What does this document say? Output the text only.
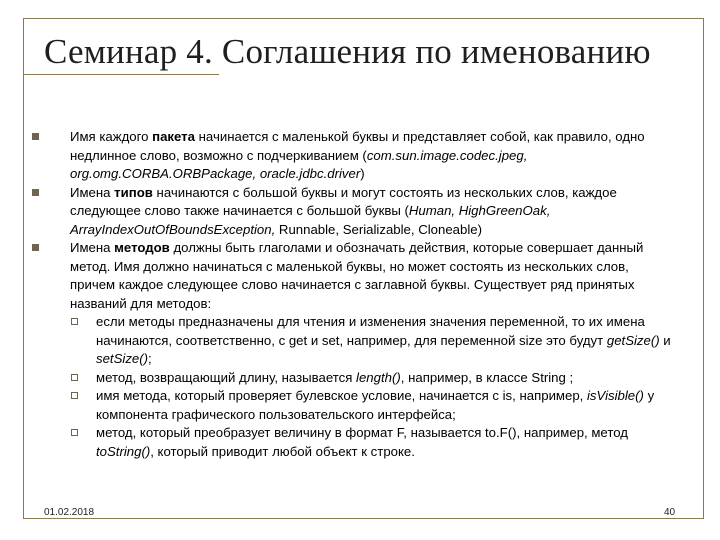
Семинар 4. Соглашения по именованию
Имя каждого пакета начинается с маленькой буквы и представляет собой, как правило, одно недлинное слово, возможно с подчеркиванием (com.sun.image.codec.jpeg, org.omg.CORBA.ORBPackage, oracle.jdbc.driver)
Имена типов начинаются с большой буквы и могут состоять из нескольких слов, каждое следующее слово также начинается с большой буквы (Human, HighGreenOak, ArrayIndexOutOfBoundsException, Runnable, Serializable, Cloneable)
Имена методов должны быть глаголами и обозначать действия, которые совершает данный метод. Имя должно начинаться с маленькой буквы, но может состоять из нескольких слов, причем каждое следующее слово начинается с заглавной буквы. Существует ряд принятых названий для методов:
если методы предназначены для чтения и изменения значения переменной, то их имена начинаются, соответственно, с get и set, например, для переменной size это будут getSize() и setSize();
метод, возвращающий длину, называется length(), например, в классе String ;
имя метода, который проверяет булевское условие, начинается с is, например, isVisible() у компонента графического пользовательского интерфейса;
метод, который преобразует величину в формат F, называется to.F(), например, метод toString(), который приводит любой объект к строке.
01.02.2018	40
